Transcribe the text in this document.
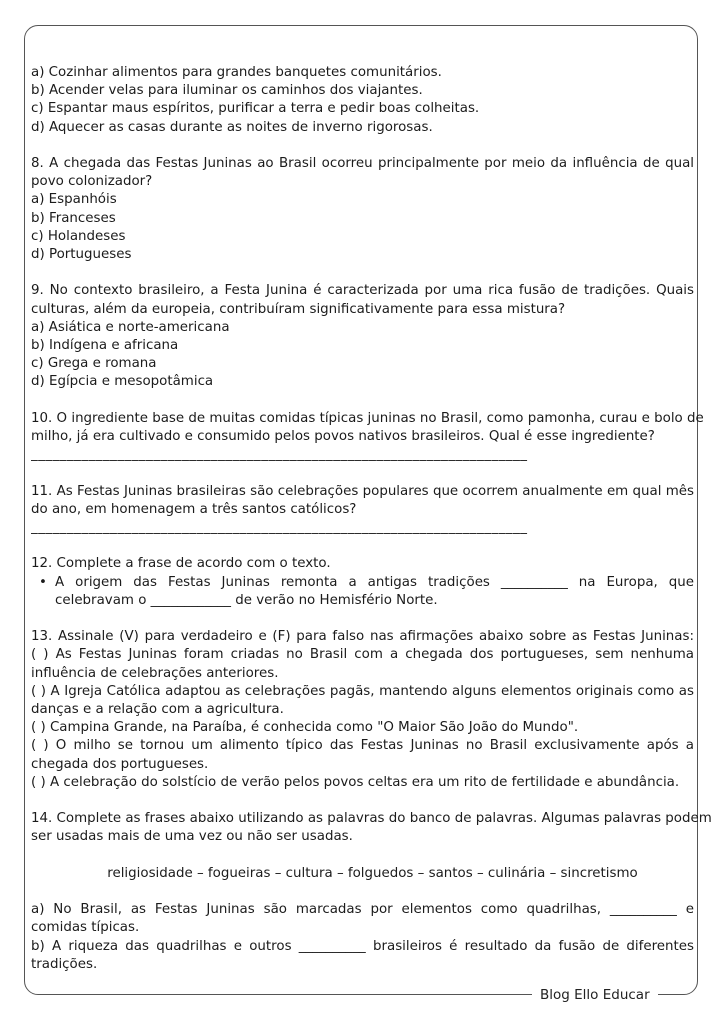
Blog Ello Educar
a) Cozinhar alimentos para grandes banquetes comunitários.
b) Acender velas para iluminar os caminhos dos viajantes.
c) Espantar maus espíritos, purificar a terra e pedir boas colheitas.
d) Aquecer as casas durante as noites de inverno rigorosas.
8. A chegada das Festas Juninas ao Brasil ocorreu principalmente por meio da influência de qual
povo colonizador?
a) Espanhóis
b) Franceses
c) Holandeses
d) Portugueses
9. No contexto brasileiro, a Festa Junina é caracterizada por uma rica fusão de tradições. Quais
culturas, além da europeia, contribuíram significativamente para essa mistura?
a) Asiática e norte-americana
b) Indígena e africana
c) Grega e romana
d) Egípcia e mesopotâmica
10. O ingrediente base de muitas comidas típicas juninas no Brasil, como pamonha, curau e bolo de
milho, já era cultivado e consumido pelos povos nativos brasileiros. Qual é esse ingrediente?
_____________________________________________________________________
11. As Festas Juninas brasileiras são celebrações populares que ocorrem anualmente em qual mês
do ano, em homenagem a três santos católicos?
_____________________________________________________________________
12. Complete a frase de acordo com o texto.
• A origem das Festas Juninas remonta a antigas tradições __________ na Europa, que
celebravam o ____________ de verão no Hemisfério Norte.
13. Assinale (V) para verdadeiro e (F) para falso nas afirmações abaixo sobre as Festas Juninas:
( ) As Festas Juninas foram criadas no Brasil com a chegada dos portugueses, sem nenhuma
influência de celebrações anteriores.
( ) A Igreja Católica adaptou as celebrações pagãs, mantendo alguns elementos originais como as
danças e a relação com a agricultura.
( ) Campina Grande, na Paraíba, é conhecida como "O Maior São João do Mundo".
( ) O milho se tornou um alimento típico das Festas Juninas no Brasil exclusivamente após a
chegada dos portugueses.
( ) A celebração do solstício de verão pelos povos celtas era um rito de fertilidade e abundância.
14. Complete as frases abaixo utilizando as palavras do banco de palavras. Algumas palavras podem
ser usadas mais de uma vez ou não ser usadas.
religiosidade – fogueiras – cultura – folguedos – santos – culinária – sincretismo
a) No Brasil, as Festas Juninas são marcadas por elementos como quadrilhas, __________ e
comidas típicas.
b) A riqueza das quadrilhas e outros __________ brasileiros é resultado da fusão de diferentes
tradições.
